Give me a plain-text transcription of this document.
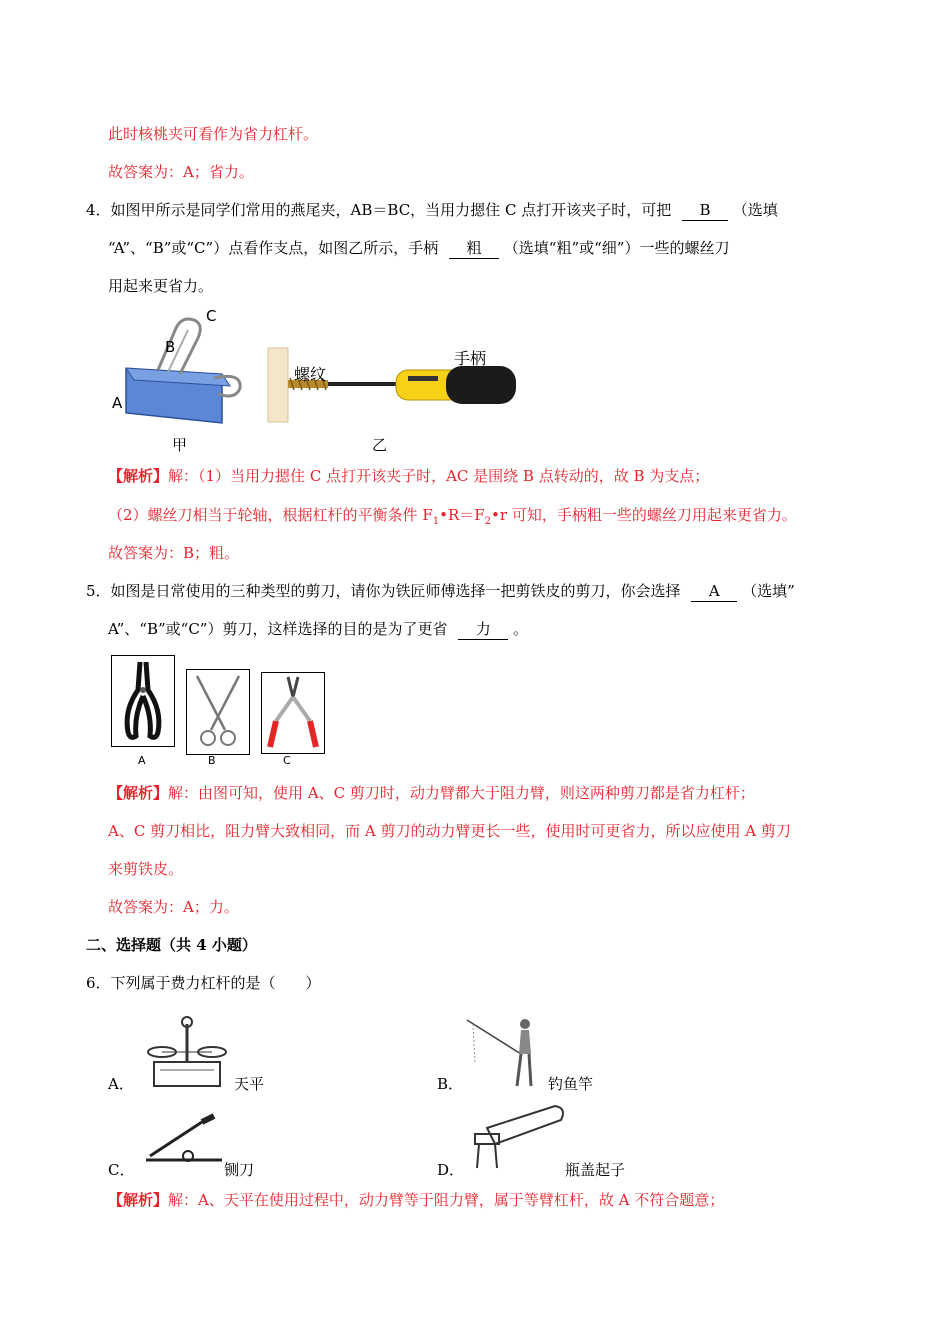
此时核桃夹可看作为省力杠杆。
故答案为：A；省力。
4．如图甲所示是同学们常用的燕尾夹，AB＝BC，当用力摁住 C 点打开该夹子时，可把 B （选填
“A”、“B”或“C”）点看作支点，如图乙所示，手柄 粗 （选填“粗”或“细”）一些的螺丝刀
用起来更省力。
C
B
A
甲
螺纹
手柄
乙
【解析】解：（1）当用力摁住 C 点打开该夹子时，AC 是围绕 B 点转动的，故 B 为支点；
（2）螺丝刀相当于轮轴，根据杠杆的平衡条件 $F_1•R=F_2•r$ 可知，手柄粗一些的螺丝刀用起来更省力。
故答案为：B；粗。
5．如图是日常使用的三种类型的剪刀，请你为铁匠师傅选择一把剪铁皮的剪刀，你会选择 A （选填”
A”、“B”或“C”）剪刀，这样选择的目的是为了更省 力 。
A	B	C
【解析】解：由图可知，使用 A、C 剪刀时，动力臂都大于阻力臂，则这两种剪刀都是省力杠杆；
A、C 剪刀相比，阻力臂大致相同，而 A 剪刀的动力臂更长一些，使用时可更省力，所以应使用 A 剪刀
来剪铁皮。
故答案为：A；力。
二、选择题（共 4 小题）
6．下列属于费力杠杆的是（　　）
A．	天平	B．	钓鱼竿
C．	铡刀	D．	瓶盖起子
【解析】解：A、天平在使用过程中，动力臂等于阻力臂，属于等臂杠杆，故 A 不符合题意；
